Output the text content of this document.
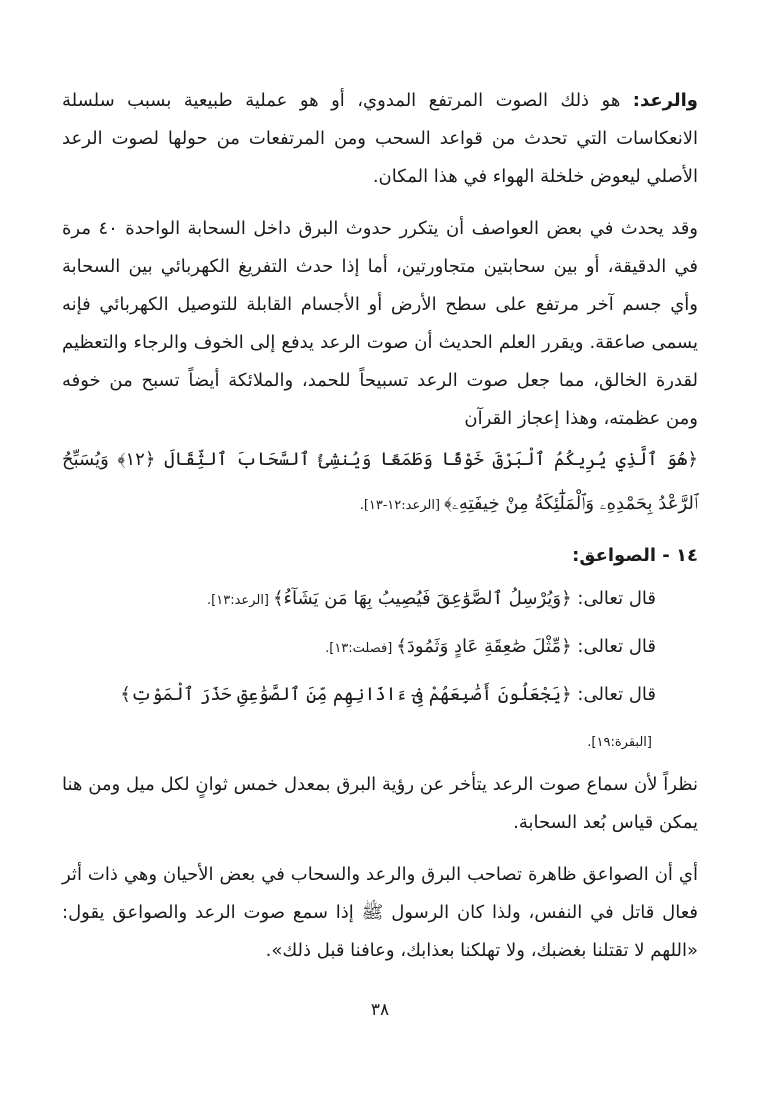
والرعد: هو ذلك الصوت المرتفع المدوي، أو هو عملية طبيعية بسبب سلسلة الانعكاسات التي تحدث من قواعد السحب ومن المرتفعات من حولها لصوت الرعد الأصلي ليعوض خلخلة الهواء في هذا المكان.

وقد يحدث في بعض العواصف أن يتكرر حدوث البرق داخل السحابة الواحدة ٤٠ مرة في الدقيقة، أو بين سحابتين متجاورتين، أما إذا حدث التفريغ الكهربائي بين السحابة وأي جسم آخر مرتفع على سطح الأرض أو الأجسام القابلة للتوصيل الكهربائي فإنه يسمى صاعقة. ويقرر العلم الحديث أن صوت الرعد يدفع إلى الخوف والرجاء والتعظيم لقدرة الخالق، مما جعل صوت الرعد تسبيحاً للحمد، والملائكة أيضاً تسبح من خوفه ومن عظمته، وهذا إعجاز القرآن

﴿هُوَ ٱلَّذِي يُرِيكُمُ ٱلْبَرْقَ خَوْفًا وَطَمَعًا وَيُنشِئُ ٱلسَّحَابَ ٱلثِّقَالَ ﴿١٢﴾ وَيُسَبِّحُ ٱلرَّعْدُ بِحَمْدِهِۦ وَٱلْمَلَٰٓئِكَةُ مِنْ خِيفَتِهِۦ﴾[الرعد:١٢-١٣].

١٤ - الصواعق:

قال تعالى: ﴿وَيُرْسِلُ ٱلصَّوَٰعِقَ فَيُصِيبُ بِهَا مَن يَشَآءُ﴾[الرعد:١٣].

قال تعالى: ﴿مِّثْلَ صَٰعِقَةِ عَادٍ وَثَمُودَ﴾[فصلت:١٣].

قال تعالى: ﴿يَجْعَلُونَ أَصَٰبِعَهُمْ فِىٓ ءَاذَانِهِم مِّنَ ٱلصَّوَٰعِقِ حَذَرَ ٱلْمَوْتِ﴾[البقرة:١٩].

نظراً لأن سماع صوت الرعد يتأخر عن رؤية البرق بمعدل خمس ثوانٍ لكل ميل ومن هنا يمكن قياس بُعد السحابة.

أي أن الصواعق ظاهرة تصاحب البرق والرعد والسحاب في بعض الأحيان وهي ذات أثر فعال قاتل في النفس، ولذا كان الرسول ﷺ إذا سمع صوت الرعد والصواعق يقول: «اللهم لا تقتلنا بغضبك، ولا تهلكنا بعذابك، وعافنا قبل ذلك».

٣٨
